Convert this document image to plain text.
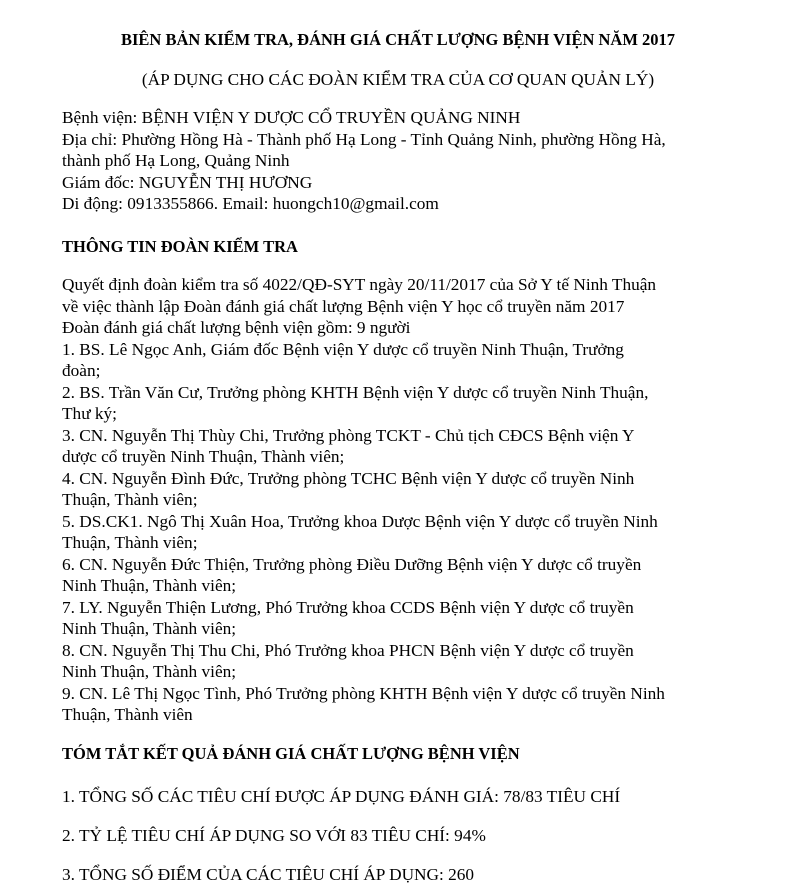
BIÊN BẢN KIỂM TRA, ĐÁNH GIÁ CHẤT LƯỢNG BỆNH VIỆN NĂM 2017
(ÁP DỤNG CHO CÁC ĐOÀN KIỂM TRA CỦA CƠ QUAN QUẢN LÝ)
Bệnh viện: BỆNH VIỆN Y DƯỢC CỔ TRUYỀN QUẢNG NINH
Địa chỉ: Phường Hồng Hà - Thành phố Hạ Long - Tỉnh Quảng Ninh, phường Hồng Hà,
thành phố Hạ Long, Quảng Ninh
Giám đốc: NGUYỄN THỊ HƯƠNG
Di động: 0913355866. Email: huongch10@gmail.com
THÔNG TIN ĐOÀN KIỂM TRA
Quyết định đoàn kiểm tra số 4022/QĐ-SYT ngày 20/11/2017 của Sở Y tế Ninh Thuận
về việc thành lập Đoàn đánh giá chất lượng Bệnh viện Y học cổ truyền năm 2017
Đoàn đánh giá chất lượng bệnh viện gồm: 9 người
1. BS. Lê Ngọc Anh, Giám đốc Bệnh viện Y dược cổ truyền Ninh Thuận, Trưởng
đoàn;
2. BS. Trần Văn Cư, Trưởng phòng KHTH Bệnh viện Y dược cổ truyền Ninh Thuận,
Thư ký;
3. CN. Nguyễn Thị Thùy Chi, Trưởng phòng TCKT - Chủ tịch CĐCS Bệnh viện Y
dược cổ truyền Ninh Thuận, Thành viên;
4. CN. Nguyễn Đình Đức, Trưởng phòng TCHC Bệnh viện Y dược cổ truyền Ninh
Thuận, Thành viên;
5. DS.CK1. Ngô Thị Xuân Hoa, Trưởng khoa Dược Bệnh viện Y dược cổ truyền Ninh
Thuận, Thành viên;
6. CN. Nguyễn Đức Thiện, Trưởng phòng Điều Dưỡng Bệnh viện Y dược cổ truyền
Ninh Thuận, Thành viên;
7. LY. Nguyễn Thiện Lương, Phó Trưởng khoa CCDS Bệnh viện Y dược cổ truyền
Ninh Thuận, Thành viên;
8. CN. Nguyễn Thị Thu Chi, Phó Trưởng khoa PHCN Bệnh viện Y dược cổ truyền
Ninh Thuận, Thành viên;
9. CN. Lê Thị Ngọc Tình, Phó Trưởng phòng KHTH Bệnh viện Y dược cổ truyền Ninh
Thuận, Thành viên
TÓM TẮT KẾT QUẢ ĐÁNH GIÁ CHẤT LƯỢNG BỆNH VIỆN
1. TỔNG SỐ CÁC TIÊU CHÍ ĐƯỢC ÁP DỤNG ĐÁNH GIÁ: 78/83 TIÊU CHÍ
2. TỶ LỆ TIÊU CHÍ ÁP DỤNG SO VỚI 83 TIÊU CHÍ: 94%
3. TỔNG SỐ ĐIỂM CỦA CÁC TIÊU CHÍ ÁP DỤNG: 260
